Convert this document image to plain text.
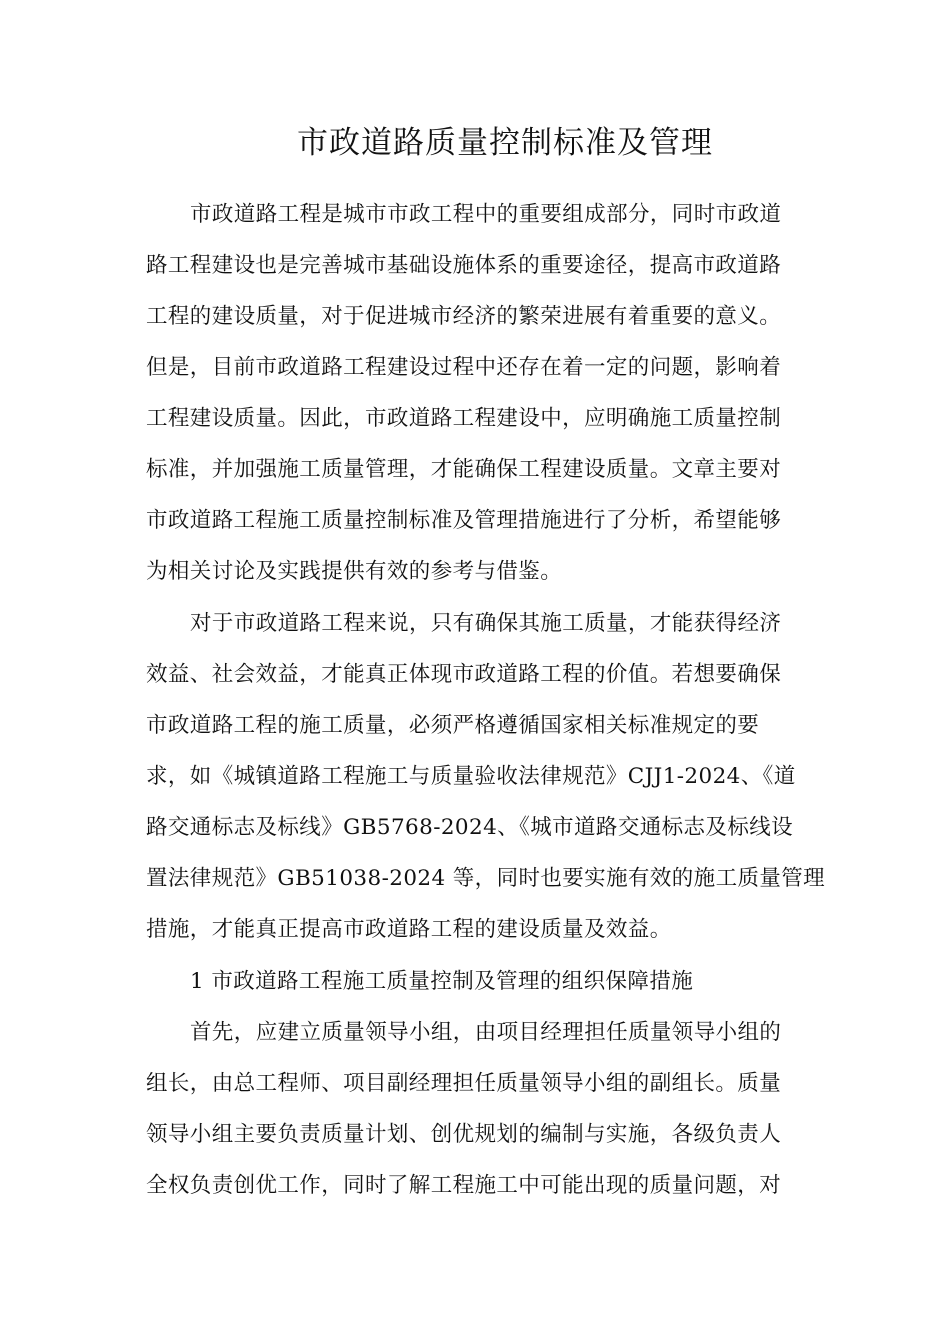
市政道路质量控制标准及管理
市政道路工程是城市市政工程中的重要组成部分，同时市政道
路工程建设也是完善城市基础设施体系的重要途径，提高市政道路
工程的建设质量，对于促进城市经济的繁荣进展有着重要的意义。
但是，目前市政道路工程建设过程中还存在着一定的问题，影响着
工程建设质量。因此，市政道路工程建设中，应明确施工质量控制
标准，并加强施工质量管理，才能确保工程建设质量。文章主要对
市政道路工程施工质量控制标准及管理措施进行了分析，希望能够
为相关讨论及实践提供有效的参考与借鉴。
对于市政道路工程来说，只有确保其施工质量，才能获得经济
效益、社会效益，才能真正体现市政道路工程的价值。若想要确保
市政道路工程的施工质量，必须严格遵循国家相关标准规定的要
求，如《城镇道路工程施工与质量验收法律规范》CJJ1-2024、《道
路交通标志及标线》GB5768-2024、《城市道路交通标志及标线设
置法律规范》GB51038-2024 等，同时也要实施有效的施工质量管理
措施，才能真正提高市政道路工程的建设质量及效益。
1 市政道路工程施工质量控制及管理的组织保障措施
首先，应建立质量领导小组，由项目经理担任质量领导小组的
组长，由总工程师、项目副经理担任质量领导小组的副组长。质量
领导小组主要负责质量计划、创优规划的编制与实施，各级负责人
全权负责创优工作，同时了解工程施工中可能出现的质量问题，对
